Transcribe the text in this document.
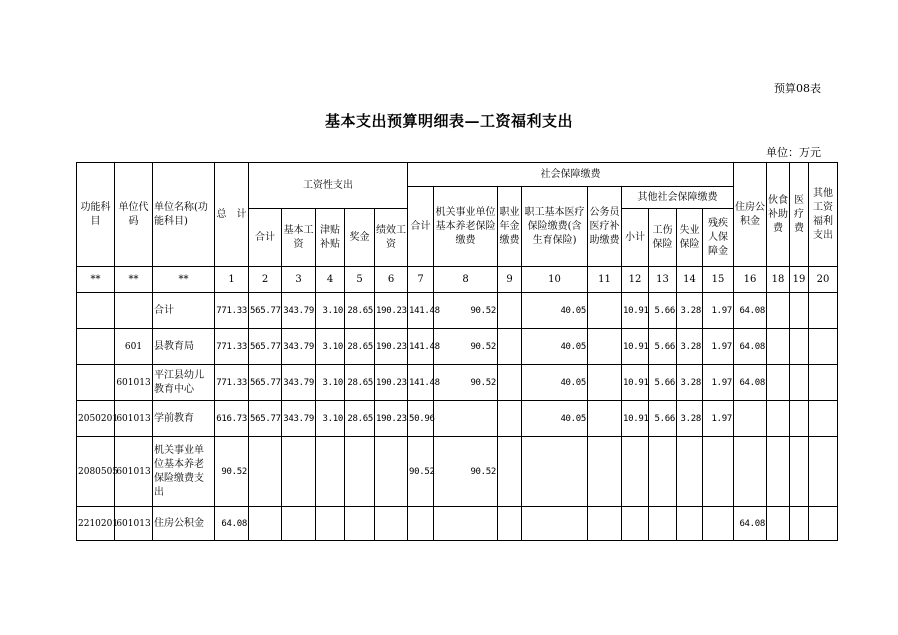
预算08表
基本支出预算明细表—工资福利支出
单位：万元
功能科目	单位代码	单位名称(功能科目)	总　计	工资性支出					社会保障缴费									住房公积金	伙食补助费	医疗费	其他工资福利支出
									合计	机关事业单位基本养老保险缴费	职业年金缴费	职工基本医疗保险缴费(含生育保险)	公务员医疗补助缴费	其他社会保障缴费							
				合计	基本工资	津贴补贴	奖金	绩效工资						小计	工伤保险	失业保险	残疾人保障金				
**	**	**	1	2	3	4	5	6	7	8	9	10	11	12	13	14	15	16	18	19	20
		合计	771.33	565.77	343.79	3.10	28.65	190.23	141.48	90.52		40.05		10.91	5.66	3.28	1.97	64.08			
	601	县教育局	771.33	565.77	343.79	3.10	28.65	190.23	141.48	90.52		40.05		10.91	5.66	3.28	1.97	64.08			
	601013	平江县幼儿教育中心	771.33	565.77	343.79	3.10	28.65	190.23	141.48	90.52		40.05		10.91	5.66	3.28	1.97	64.08			
2050201	601013	学前教育	616.73	565.77	343.79	3.10	28.65	190.23	50.96			40.05		10.91	5.66	3.28	1.97				
2080505	601013	机关事业单位基本养老保险缴费支出	90.52						90.52	90.52											
2210201	601013	住房公积金	64.08															64.08			
